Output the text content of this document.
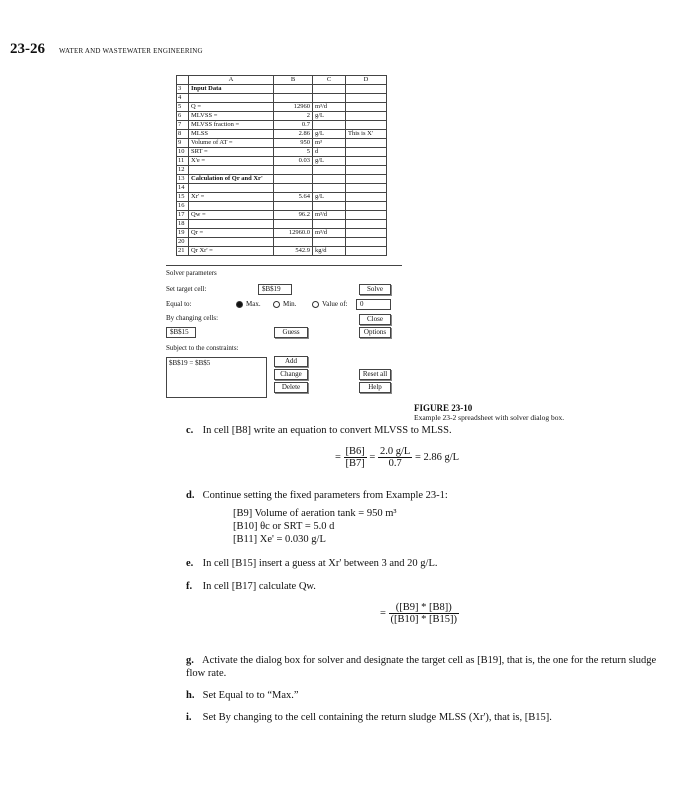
23-26 WATER AND WASTEWATER ENGINEERING
	A	B	C	D
3	Input Data			
4				
5	Q =	12960	m³/d	
6	MLVSS =	2	g/L	
7	MLVSS fraction =	0.7		
8	MLSS	2.86	g/L	This is X'
9	Volume of AT =	950	m³	
10	SRT =	5	d	
11	X'e =	0.03	g/L	
12				
13	Calculation of Qr and Xr'			
14				
15	Xr' =	5.64	g/L	
16				
17	Qw =	96.2	m³/d	
18				
19	Qr =	12960.0	m³/d	
20				
21	Qr Xr' =	542.9	kg/d	
Solver parameters
Set target cell:	$B$19	Solve
Equal to:	Max.	Min.	Value of:	0
By changing cells:	Close
$B$15	Guess	Options
Subject to the constraints:
$B$19 = $B$5	Add
Change	Reset all
Delete	Help
FIGURE 23-10
Example 23-2 spreadsheet with solver dialog box.
c. In cell [B8] write an equation to convert MLVSS to MLSS.
= $\frac{[B6]}{[B7]} = \frac{2.0 g/L}{0.7} = 2.86$ g/L
d. Continue setting the fixed parameters from Example 23-1:
[B9] Volume of aeration tank = 950 m³
[B10] θc or SRT = 5.0 d
[B11] Xe' = 0.030 g/L
e. In cell [B15] insert a guess at Xr' between 3 and 20 g/L.
f. In cell [B17] calculate Qw.
= $\frac{([B9] * [B8])}{([B10] * [B15])}$
g. Activate the dialog box for solver and designate the target cell as [B19], that is, the one for the return sludge flow rate.
h. Set Equal to to “Max.”
i. Set By changing to the cell containing the return sludge MLSS (Xr'), that is, [B15].
